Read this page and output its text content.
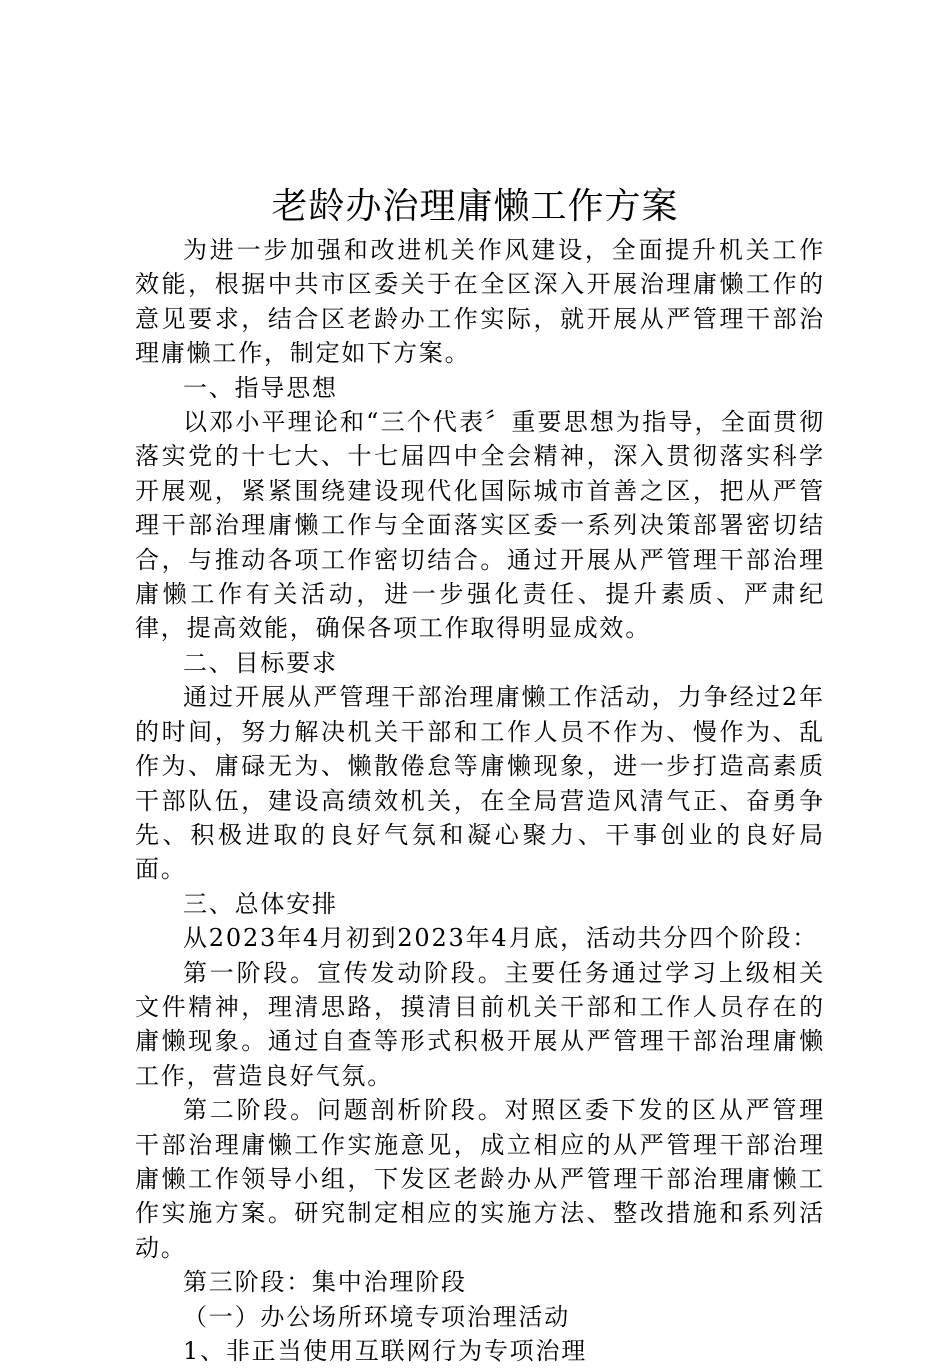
老龄办治理庸懒工作方案

为进一步加强和改进机关作风建设，全面提升机关工作效能，根据中共市区委关于在全区深入开展治理庸懒工作的意见要求，结合区老龄办工作实际，就开展从严管理干部治理庸懒工作，制定如下方案。

一、指导思想

以邓小平理论和“三个代表〞重要思想为指导，全面贯彻落实党的十七大、十七届四中全会精神，深入贯彻落实科学开展观，紧紧围绕建设现代化国际城市首善之区，把从严管理干部治理庸懒工作与全面落实区委一系列决策部署密切结合，与推动各项工作密切结合。通过开展从严管理干部治理庸懒工作有关活动，进一步强化责任、提升素质、严肃纪律，提高效能，确保各项工作取得明显成效。

二、目标要求

通过开展从严管理干部治理庸懒工作活动，力争经过2年的时间，努力解决机关干部和工作人员不作为、慢作为、乱作为、庸碌无为、懒散倦怠等庸懒现象，进一步打造高素质干部队伍，建设高绩效机关，在全局营造风清气正、奋勇争先、积极进取的良好气氛和凝心聚力、干事创业的良好局面。

三、总体安排

从2023年4月初到2023年4月底，活动共分四个阶段：

第一阶段。宣传发动阶段。主要任务通过学习上级相关文件精神，理清思路，摸清目前机关干部和工作人员存在的庸懒现象。通过自查等形式积极开展从严管理干部治理庸懒工作，营造良好气氛。

第二阶段。问题剖析阶段。对照区委下发的区从严管理干部治理庸懒工作实施意见，成立相应的从严管理干部治理庸懒工作领导小组，下发区老龄办从严管理干部治理庸懒工作实施方案。研究制定相应的实施方法、整改措施和系列活动。

第三阶段：集中治理阶段

（一）办公场所环境专项治理活动

1、非正当使用互联网行为专项治理
